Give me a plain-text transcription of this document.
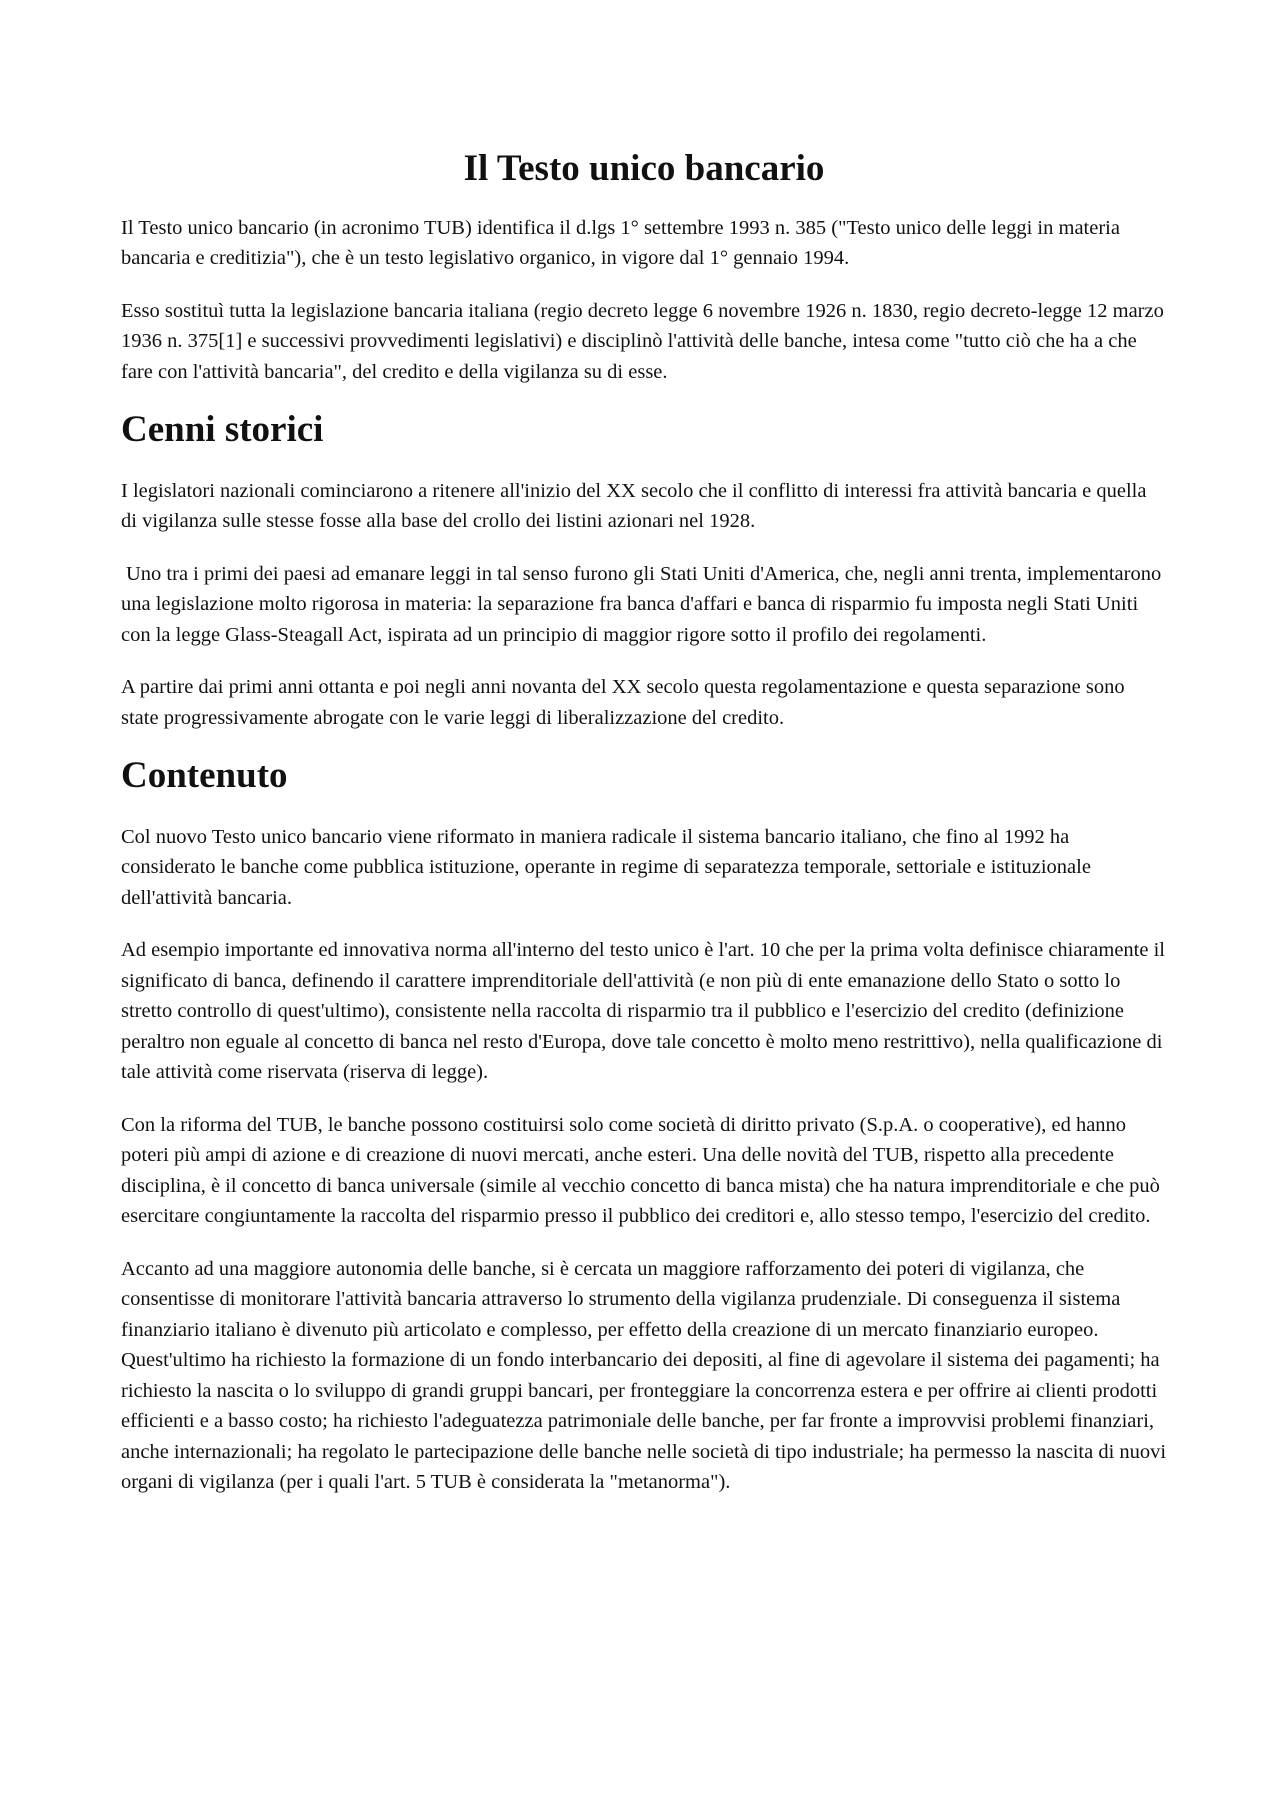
Il Testo unico bancario

Il Testo unico bancario (in acronimo TUB) identifica il d.lgs 1° settembre 1993 n. 385 ("Testo unico delle leggi in materia bancaria e creditizia"), che è un testo legislativo organico, in vigore dal 1° gennaio 1994.

Esso sostituì tutta la legislazione bancaria italiana (regio decreto legge 6 novembre 1926 n. 1830, regio decreto-legge 12 marzo 1936 n. 375[1] e successivi provvedimenti legislativi) e disciplinò l'attività delle banche, intesa come "tutto ciò che ha a che fare con l'attività bancaria", del credito e della vigilanza su di esse.

Cenni storici

I legislatori nazionali cominciarono a ritenere all'inizio del XX secolo che il conflitto di interessi fra attività bancaria e quella di vigilanza sulle stesse fosse alla base del crollo dei listini azionari nel 1928.

Uno tra i primi dei paesi ad emanare leggi in tal senso furono gli Stati Uniti d'America, che, negli anni trenta, implementarono una legislazione molto rigorosa in materia: la separazione fra banca d'affari e banca di risparmio fu imposta negli Stati Uniti con la legge Glass-Steagall Act, ispirata ad un principio di maggior rigore sotto il profilo dei regolamenti.

A partire dai primi anni ottanta e poi negli anni novanta del XX secolo questa regolamentazione e questa separazione sono state progressivamente abrogate con le varie leggi di liberalizzazione del credito.

Contenuto

Col nuovo Testo unico bancario viene riformato in maniera radicale il sistema bancario italiano, che fino al 1992 ha considerato le banche come pubblica istituzione, operante in regime di separatezza temporale, settoriale e istituzionale dell'attività bancaria.

Ad esempio importante ed innovativa norma all'interno del testo unico è l'art. 10 che per la prima volta definisce chiaramente il significato di banca, definendo il carattere imprenditoriale dell'attività (e non più di ente emanazione dello Stato o sotto lo stretto controllo di quest'ultimo), consistente nella raccolta di risparmio tra il pubblico e l'esercizio del credito (definizione peraltro non eguale al concetto di banca nel resto d'Europa, dove tale concetto è molto meno restrittivo), nella qualificazione di tale attività come riservata (riserva di legge).

Con la riforma del TUB, le banche possono costituirsi solo come società di diritto privato (S.p.A. o cooperative), ed hanno poteri più ampi di azione e di creazione di nuovi mercati, anche esteri. Una delle novità del TUB, rispetto alla precedente disciplina, è il concetto di banca universale (simile al vecchio concetto di banca mista) che ha natura imprenditoriale e che può esercitare congiuntamente la raccolta del risparmio presso il pubblico dei creditori e, allo stesso tempo, l'esercizio del credito.

Accanto ad una maggiore autonomia delle banche, si è cercata un maggiore rafforzamento dei poteri di vigilanza, che consentisse di monitorare l'attività bancaria attraverso lo strumento della vigilanza prudenziale. Di conseguenza il sistema finanziario italiano è divenuto più articolato e complesso, per effetto della creazione di un mercato finanziario europeo. Quest'ultimo ha richiesto la formazione di un fondo interbancario dei depositi, al fine di agevolare il sistema dei pagamenti; ha richiesto la nascita o lo sviluppo di grandi gruppi bancari, per fronteggiare la concorrenza estera e per offrire ai clienti prodotti efficienti e a basso costo; ha richiesto l'adeguatezza patrimoniale delle banche, per far fronte a improvvisi problemi finanziari, anche internazionali; ha regolato le partecipazione delle banche nelle società di tipo industriale; ha permesso la nascita di nuovi organi di vigilanza (per i quali l'art. 5 TUB è considerata la "metanorma").
